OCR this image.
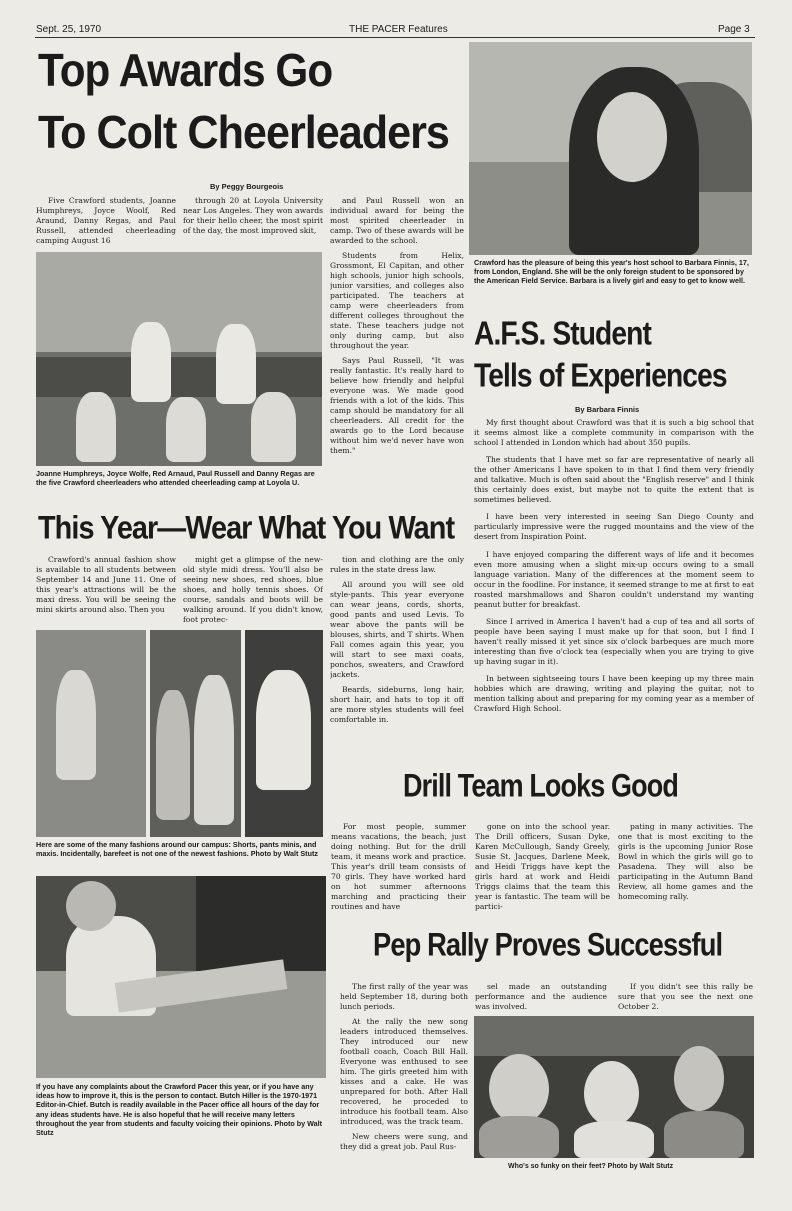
Sept. 25, 1970	THE PACER Features	Page 3
Top Awards Go
To Colt Cheerleaders
By Peggy Bourgeois

Five Crawford students, Joanne Humphreys, Joyce Woolf, Red Araund, Danny Regas, and Paul Russell, attended cheerleading camping August 16

through 20 at Loyola University near Los Angeles. They won awards for their hello cheer, the most spirit of the day, the most improved skit,

and Paul Russell won an individual award for being the most spirited cheerleader in camp. Two of these awards will be awarded to the school.

Students from Helix, Grossmont, El Capitan, and other high schools, junior high schools, junior varsities, and colleges also participated. The teachers at camp were cheerleaders from different colleges throughout the state. These teachers judge not only during camp, but also throughout the year.

Says Paul Russell, "It was really fantastic. It's really hard to believe how friendly and helpful everyone was. We made good friends with a lot of the kids. This camp should be mandatory for all cheerleaders. All credit for the awards go to the Lord because without him we'd never have won them."

Joanne Humphreys, Joyce Wolfe, Red Arnaud, Paul Russell and Danny Regas are the five Crawford cheerleaders who attended cheerleading camp at Loyola U.
Crawford has the pleasure of being this year's host school to Barbara Finnis, 17, from London, England. She will be the only foreign student to be sponsored by the American Field Service. Barbara is a lively girl and easy to get to know well.
A.F.S. Student
Tells of Experiences
By Barbara Finnis

My first thought about Crawford was that it is such a big school that it seems almost like a complete community in comparison with the school I attended in London which had about 350 pupils.

The students that I have met so far are representative of nearly all the other Americans I have spoken to in that I find them very friendly and talkative. Much is often said about the "English reserve" and I think this certainly does exist, but maybe not to quite the extent that is sometimes believed.

I have been very interested in seeing San Diego County and particularly impressive were the rugged mountains and the view of the desert from Inspiration Point.

I have enjoyed comparing the different ways of life and it becomes even more amusing when a slight mix-up occurs owing to a small language variation. Many of the differences at the moment seem to occur in the foodline. For instance, it seemed strange to me at first to eat roasted marshmallows and Sharon couldn't understand my wanting peanut butter for breakfast.

Since I arrived in America I haven't had a cup of tea and all sorts of people have been saying I must make up for that soon, but I find I haven't really missed it yet since six o'clock barbeques are much more interesting than five o'clock tea (especially when you are trying to give up having sugar in it).

In between sightseeing tours I have been keeping up my three main hobbies which are drawing, writing and playing the guitar, not to mention talking about and preparing for my coming year as a member of Crawford High School.

This Year—Wear What You Want

Crawford's annual fashion show is available to all students between September 14 and June 11. One of this year's attractions will be the maxi dress. You will be seeing the mini skirts around also. Then you

might get a glimpse of the new-old style midi dress. You'll also be seeing new shoes, red shoes, blue shoes, and holly tennis shoes. Of course, sandals and boots will be walking around. If you didn't know, foot protec-

tion and clothing are the only rules in the state dress law.

All around you will see old style-pants. This year everyone can wear jeans, cords, shorts, good pants and used Levis. To wear above the pants will be blouses, shirts, and T shirts. When Fall comes again this year, you will start to see maxi coats, ponchos, sweaters, and Crawford jackets.

Beards, sideburns, long hair, short hair, and hats to top it off are more styles students will feel comfortable in.

Here are some of the many fashions around our campus: Shorts, pants minis, and maxis. Incidentally, barefeet is not one of the newest fashions. Photo by Walt Stutz
Drill Team Looks Good

For most people, summer means vacations, the beach, just doing nothing. But for the drill team, it means work and practice. This year's drill team consists of 70 girls. They have worked hard on hot summer afternoons marching and practicing their routines and have

gone on into the school year. The Drill officers, Susan Dyke, Karen McCullough, Sandy Greely, Susie St. Jacques, Darlene Meek, and Heidi Triggs have kept the girls hard at work and Heidi Triggs claims that the team this year is fantastic. The team will be partici-

pating in many activities. The one that is most exciting to the girls is the upcoming Junior Rose Bowl in which the girls will go to Pasadena. They will also be participating in the Autumn Band Review, all home games and the homecoming rally.

If you have any complaints about the Crawford Pacer this year, or if you have any ideas how to improve it, this is the person to contact. Butch Hiller is the 1970-1971 Editor-in-Chief. Butch is readily available in the Pacer office all hours of the day for any ideas students have. He is also hopeful that he will receive many letters throughout the year from students and faculty voicing their opinions. Photo by Walt Stutz
Pep Rally Proves Successful

The first rally of the year was held September 18, during both lunch periods.

At the rally the new song leaders introduced themselves. They introduced our new football coach, Coach Bill Hall. Everyone was enthused to see him. The girls greeted him with kisses and a cake. He was unprepared for both. After Hall recovered, he proceded to introduce his football team. Also introduced, was the track team.

New cheers were sung, and they did a great job. Paul Rus-

sel made an outstanding performance and the audience was involved.

If you didn't see this rally be sure that you see the next one October 2.

Who's so funky on their feet? Photo by Walt Stutz
